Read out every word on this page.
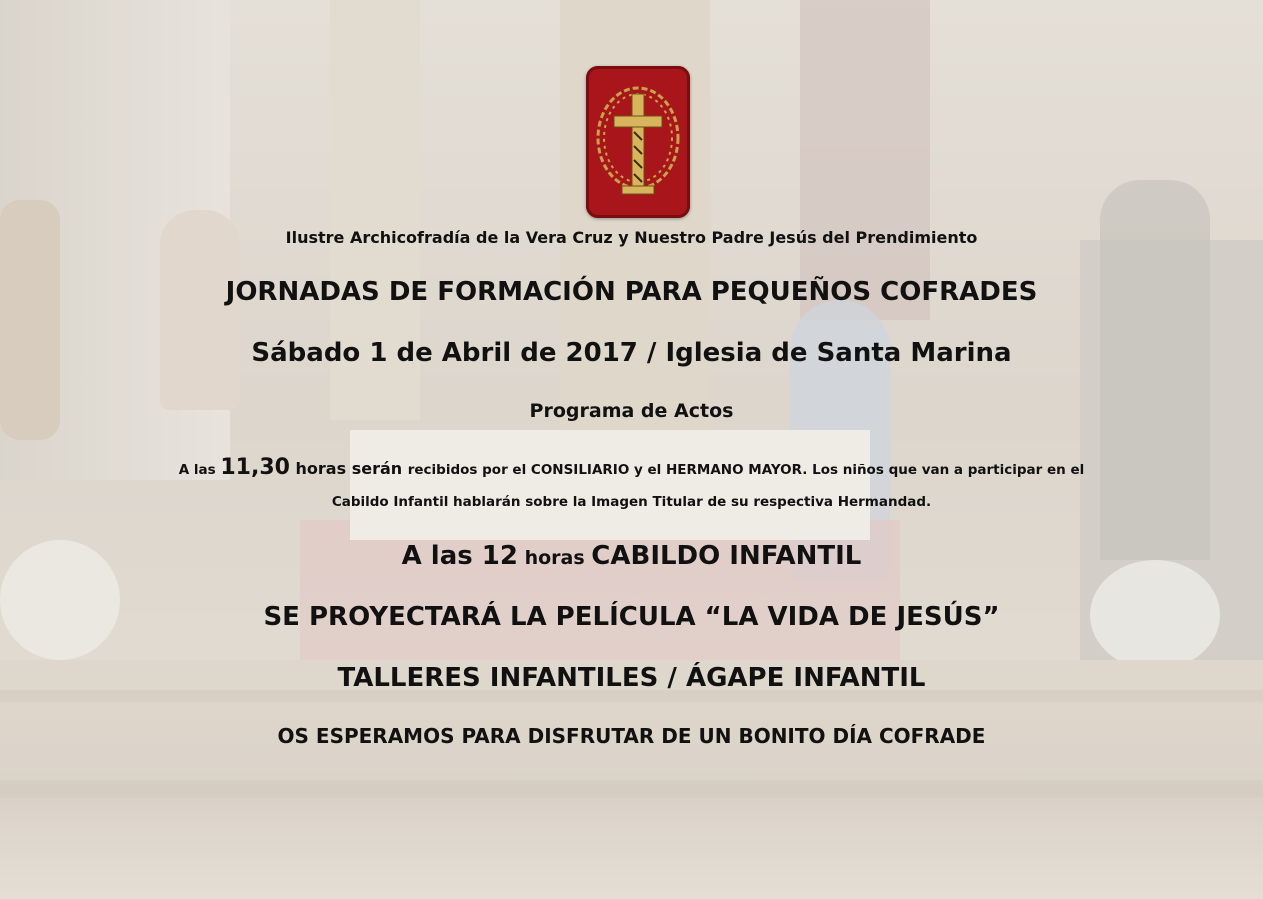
Ilustre Archicofradía de la Vera Cruz y Nuestro Padre Jesús del Prendimiento
JORNADAS DE FORMACIÓN PARA PEQUEÑOS COFRADES
Sábado 1 de Abril de 2017 / Iglesia de Santa Marina
Programa de Actos
A las 11,30 horas serán recibidos por el CONSILIARIO y el HERMANO MAYOR. Los niños que van a participar en el
Cabildo Infantil hablarán sobre la Imagen Titular de su respectiva Hermandad.
A las 12 horas CABILDO INFANTIL
SE PROYECTARÁ LA PELÍCULA “LA VIDA DE JESÚS”
TALLERES INFANTILES / ÁGAPE INFANTIL
OS ESPERAMOS PARA DISFRUTAR DE UN BONITO DÍA COFRADE
